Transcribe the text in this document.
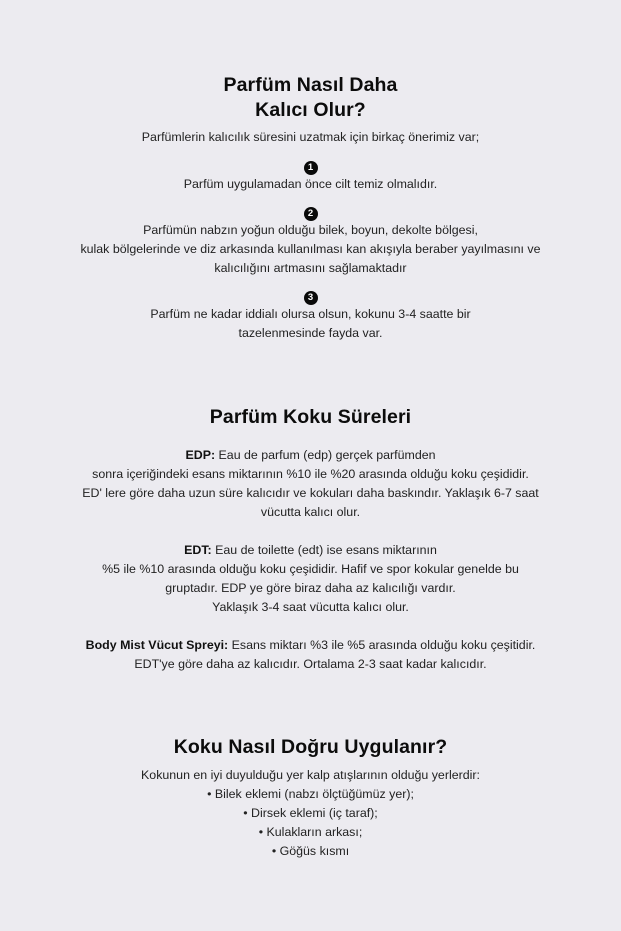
Parfüm Nasıl Daha
Kalıcı Olur?
Parfümlerin kalıcılık süresini uzatmak için birkaç önerimiz var;
1
Parfüm uygulamadan önce cilt temiz olmalıdır.
2
Parfümün nabzın yoğun olduğu bilek, boyun, dekolte bölgesi,
kulak bölgelerinde ve diz arkasında kullanılması kan akışıyla beraber yayılmasını ve
kalıcılığını artmasını sağlamaktadır
3
Parfüm ne kadar iddialı olursa olsun, kokunu 3-4 saatte bir
tazelenmesinde fayda var.
Parfüm Koku Süreleri
EDP: Eau de parfum (edp) gerçek parfümden
sonra içeriğindeki esans miktarının %10 ile %20 arasında olduğu koku çeşididir.
ED' lere göre daha uzun süre kalıcıdır ve kokuları daha baskındır. Yaklaşık 6-7 saat
vücutta kalıcı olur.
EDT: Eau de toilette (edt) ise esans miktarının
%5 ile %10 arasında olduğu koku çeşididir. Hafif ve spor kokular genelde bu
gruptadır. EDP ye göre biraz daha az kalıcılığı vardır.
Yaklaşık 3-4 saat vücutta kalıcı olur.
Body Mist Vücut Spreyi: Esans miktarı %3 ile %5 arasında olduğu koku çeşitidir.
EDT'ye göre daha az kalıcıdır. Ortalama 2-3 saat kadar kalıcıdır.
Koku Nasıl Doğru Uygulanır?
Kokunun en iyi duyulduğu yer kalp atışlarının olduğu yerlerdir:
• Bilek eklemi (nabzı ölçtüğümüz yer);
• Dirsek eklemi (iç taraf);
• Kulakların arkası;
• Göğüs kısmı
